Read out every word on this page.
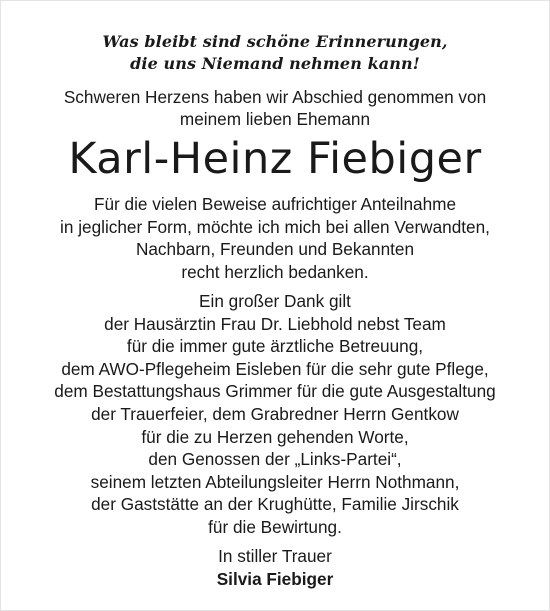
Was bleibt sind schöne Erinnerungen,
die uns Niemand nehmen kann!

Schweren Herzens haben wir Abschied genommen von
meinem lieben Ehemann

Karl-Heinz Fiebiger

Für die vielen Beweise aufrichtiger Anteilnahme
in jeglicher Form, möchte ich mich bei allen Verwandten,
Nachbarn, Freunden und Bekannten
recht herzlich bedanken.

Ein großer Dank gilt
der Hausärztin Frau Dr. Liebhold nebst Team
für die immer gute ärztliche Betreuung,
dem AWO-Pflegeheim Eisleben für die sehr gute Pflege,
dem Bestattungshaus Grimmer für die gute Ausgestaltung
der Trauerfeier, dem Grabredner Herrn Gentkow
für die zu Herzen gehenden Worte,
den Genossen der „Links-Partei“,
seinem letzten Abteilungsleiter Herrn Nothmann,
der Gaststätte an der Krughütte, Familie Jirschik
für die Bewirtung.

In stiller Trauer
Silvia Fiebiger
